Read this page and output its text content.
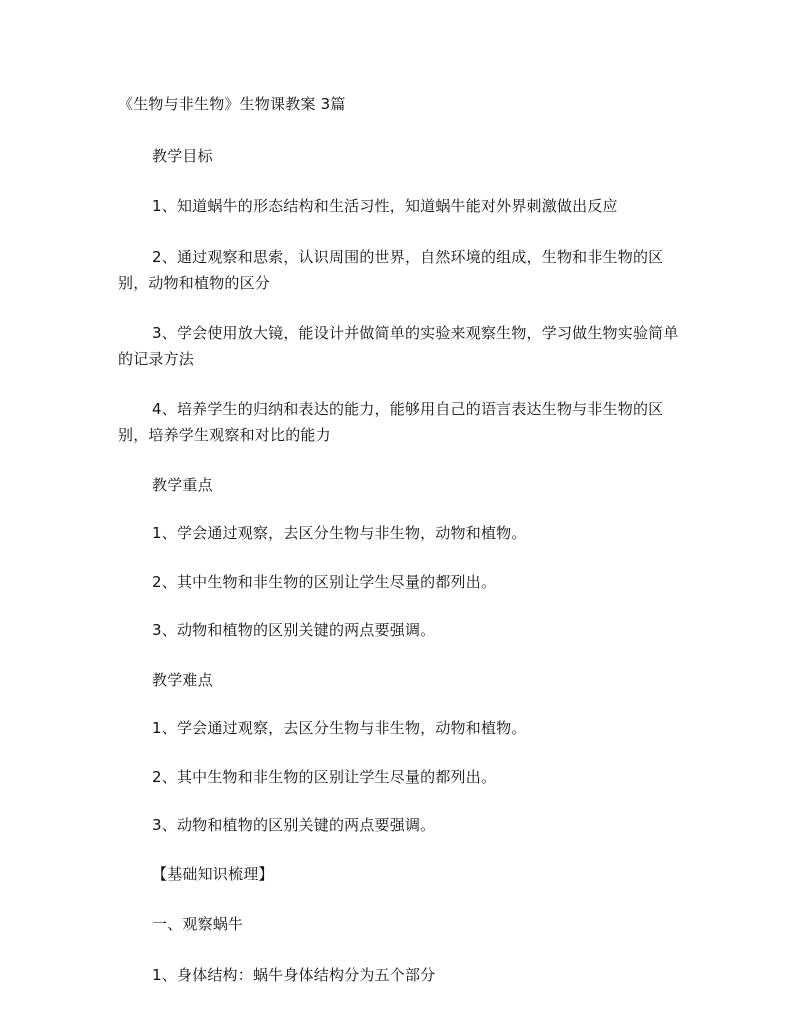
《生物与非生物》生物课教案 3篇
教学目标
1、知道蜗牛的形态结构和生活习性，知道蜗牛能对外界刺激做出反应
2、通过观察和思索，认识周围的世界，自然环境的组成，生物和非生物的区别，动物和植物的区分
3、学会使用放大镜，能设计并做简单的实验来观察生物，学习做生物实验简单的记录方法
4、培养学生的归纳和表达的能力，能够用自己的语言表达生物与非生物的区别，培养学生观察和对比的能力
教学重点
1、学会通过观察，去区分生物与非生物，动物和植物。
2、其中生物和非生物的区别让学生尽量的都列出。
3、动物和植物的区别关键的两点要强调。
教学难点
1、学会通过观察，去区分生物与非生物，动物和植物。
2、其中生物和非生物的区别让学生尽量的都列出。
3、动物和植物的区别关键的两点要强调。
【基础知识梳理】
一、观察蜗牛
1、身体结构：蜗牛身体结构分为五个部分
